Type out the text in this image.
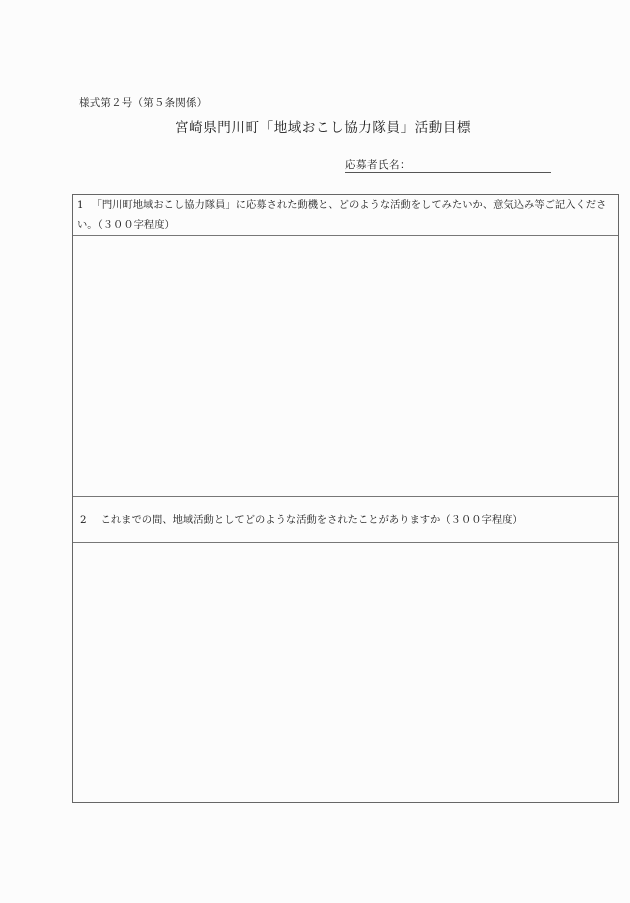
様式第２号（第５条関係）
宮崎県門川町「地域おこし協力隊員」活動目標
応募者氏名：
1 「門川町地域おこし協力隊員」に応募された動機と、どのような活動をしてみたいか、意気込み等ご記入ください。（３００字程度）
2 これまでの間、地域活動としてどのような活動をされたことがありますか（３００字程度）
